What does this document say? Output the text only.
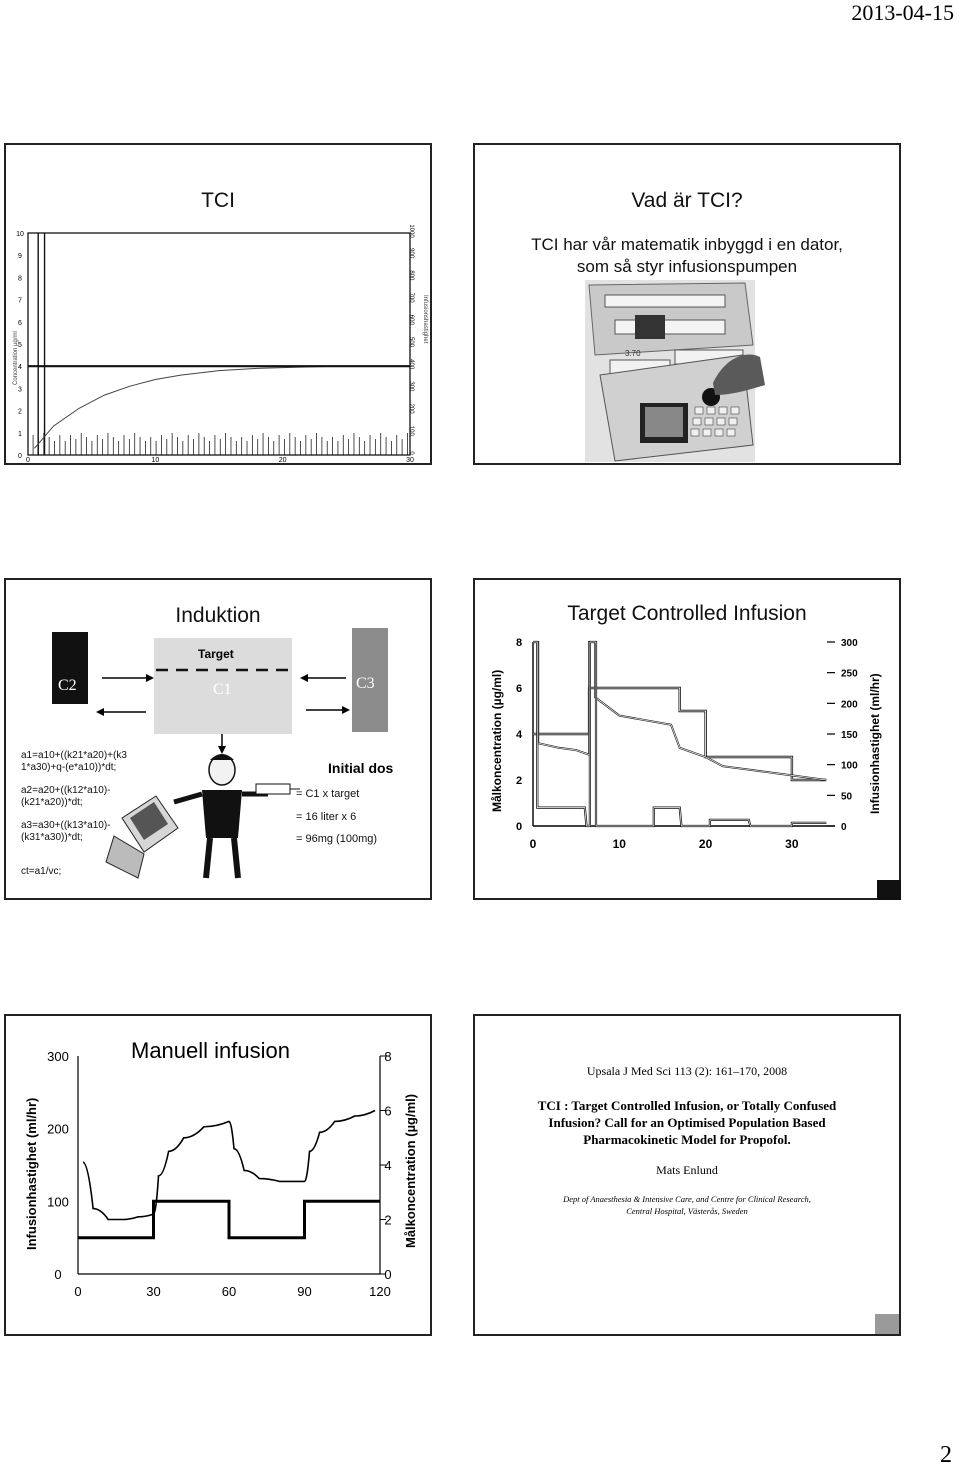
2013-04-15
TCI
0
1
2
3
4
5
6
7
8
9
10
0	10	20	30
0
100
200
300
400
500
600
700
800
900
1000
Concentration µg/ml
Infusionshastighet
Vad är TCI?
TCI har vår matematik inbyggd i en dator,
som så styr infusionspumpen
3.70
Induktion
C2	C1
Target
C3
a1=a10+((k21*a20)+(k3
1*a30)+q-(e*a10))*dt;
a2=a20+((k12*a10)-
(k21*a20))*dt;
a3=a30+((k13*a10)-
(k31*a30))*dt;
ct=a1/vc;
Initial dos
= C1 x target
= 16 liter x 6
= 96mg (100mg)
Target Controlled Infusion
0
2
4
6
8
0
50
100
150
200
250
300
0	10	20	30
Målkoncentration (µg/ml)	Infusionhastighet (ml/hr)
Manuell infusion
0
100
200
300
0
2
4
6
8
0	30	60	90	120
Infusionhastighet (ml/hr)	Målkoncentration (µg/ml)
Upsala J Med Sci 113 (2): 161–170, 2008
TCI : Target Controlled Infusion, or Totally Confused
Infusion? Call for an Optimised Population Based
Pharmacokinetic Model for Propofol.
Mats Enlund
Dept of Anaesthesia & Intensive Care, and Centre for Clinical Research,
Central Hospital, Västerås, Sweden
2
